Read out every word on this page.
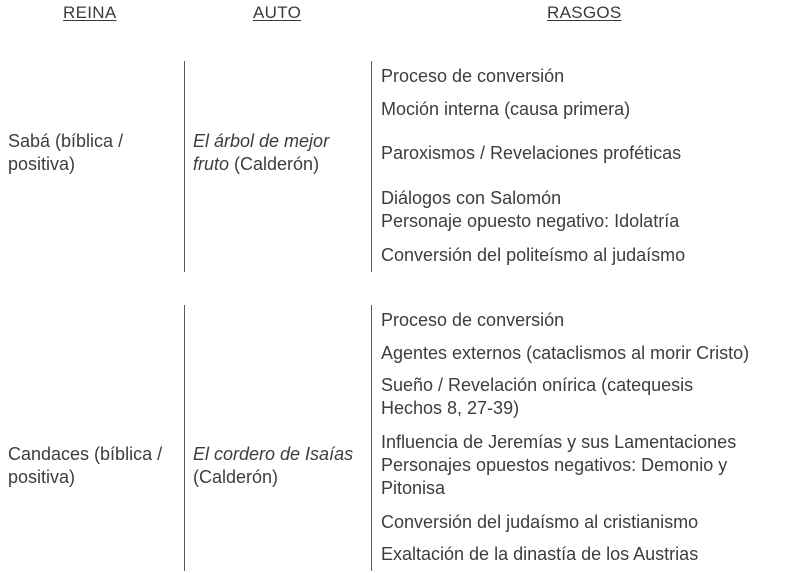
REINA	AUTO	RASGOS
Sabá (bíblica /
positiva)
El árbol de mejor
fruto (Calderón)
Proceso de conversión
Moción interna (causa primera)
Paroxismos / Revelaciones proféticas
Diálogos con Salomón
Personaje opuesto negativo: Idolatría
Conversión del politeísmo al judaísmo
Candaces (bíblica /
positiva)
El cordero de Isaías
(Calderón)
Proceso de conversión
Agentes externos (cataclismos al morir Cristo)
Sueño / Revelación onírica (catequesis
Hechos 8, 27-39)
Influencia de Jeremías y sus Lamentaciones
Personajes opuestos negativos: Demonio y
Pitonisa
Conversión del judaísmo al cristianismo
Exaltación de la dinastía de los Austrias
